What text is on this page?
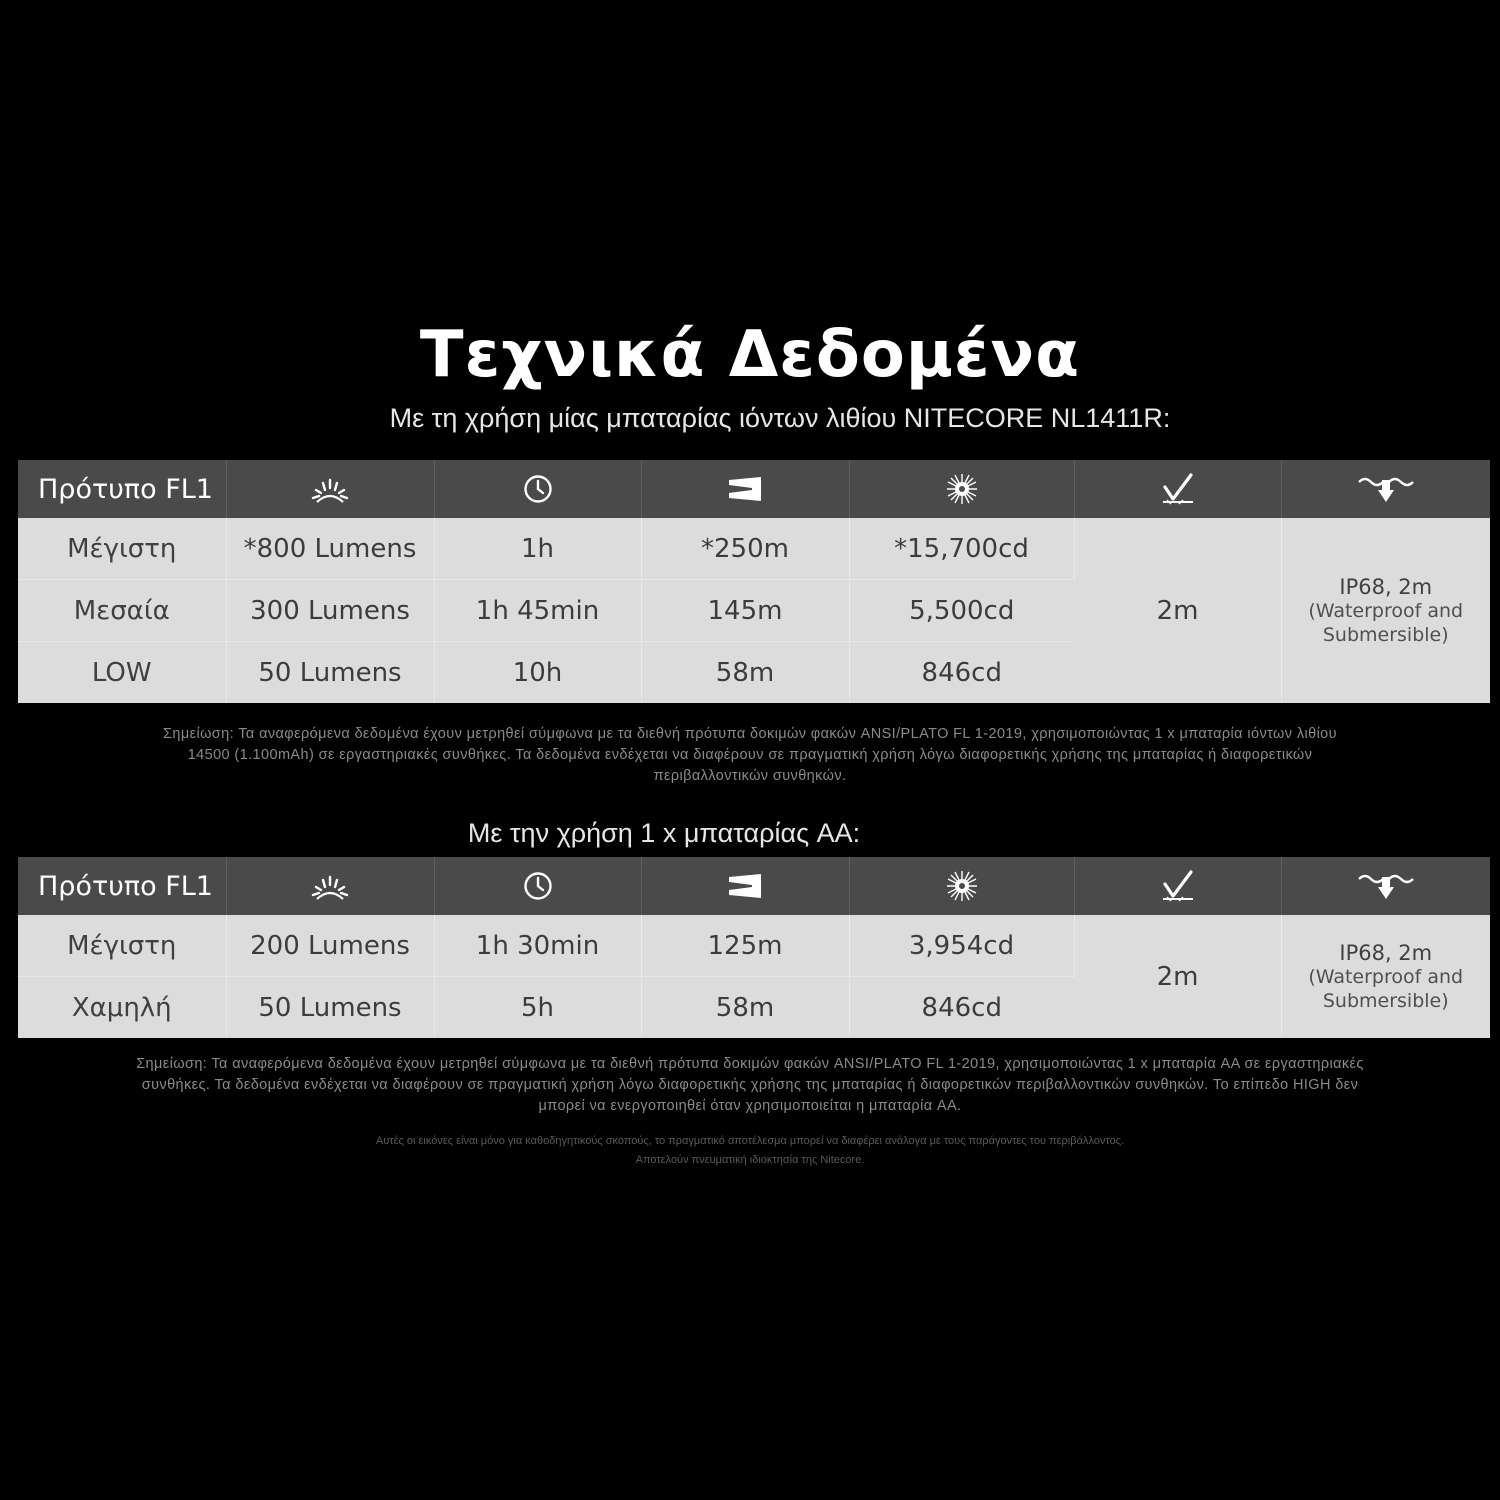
Τεχνικά Δεδομένα
Με τη χρήση μίας μπαταρίας ιόντων λιθίου NITECORE NL1411R:
Πρότυπο FL1						
Μέγιστη	*800 Lumens	1h	*250m	*15,700cd	2m	IP68, 2m
(Waterproof and
Submersible)

Μεσαία	300 Lumens	1h 45min	145m	5,500cd		
LOW	50 Lumens	10h	58m	846cd		
Σημείωση: Τα αναφερόμενα δεδομένα έχουν μετρηθεί σύμφωνα με τα διεθνή πρότυπα δοκιμών φακών ANSI/PLATO FL 1-2019, χρησιμοποιώντας 1 x μπαταρία ιόντων λιθίου
14500 (1.100mAh) σε εργαστηριακές συνθήκες. Τα δεδομένα ενδέχεται να διαφέρουν σε πραγματική χρήση λόγω διαφορετικής χρήσης της μπαταρίας ή διαφορετικών
περιβαλλοντικών συνθηκών.
Με την χρήση 1 x μπαταρίας AA:
Πρότυπο FL1						
Μέγιστη	200 Lumens	1h 30min	125m	3,954cd	2m	IP68, 2m
(Waterproof and
Submersible)

Χαμηλή	50 Lumens	5h	58m	846cd		
Σημείωση: Τα αναφερόμενα δεδομένα έχουν μετρηθεί σύμφωνα με τα διεθνή πρότυπα δοκιμών φακών ANSI/PLATO FL 1-2019, χρησιμοποιώντας 1 x μπαταρία AA σε εργαστηριακές
συνθήκες. Τα δεδομένα ενδέχεται να διαφέρουν σε πραγματική χρήση λόγω διαφορετικής χρήσης της μπαταρίας ή διαφορετικών περιβαλλοντικών συνθηκών. Το επίπεδο HIGH δεν
μπορεί να ενεργοποιηθεί όταν χρησιμοποιείται η μπαταρία AA.
Αυτές οι εικόνες είναι μόνο για καθοδηγητικούς σκοπούς, το πραγματικό αποτέλεσμα μπορεί να διαφέρει ανάλογα με τους παράγοντες του περιβάλλοντος.
Αποτελούν πνευματική ιδιοκτησία της Nitecore.
